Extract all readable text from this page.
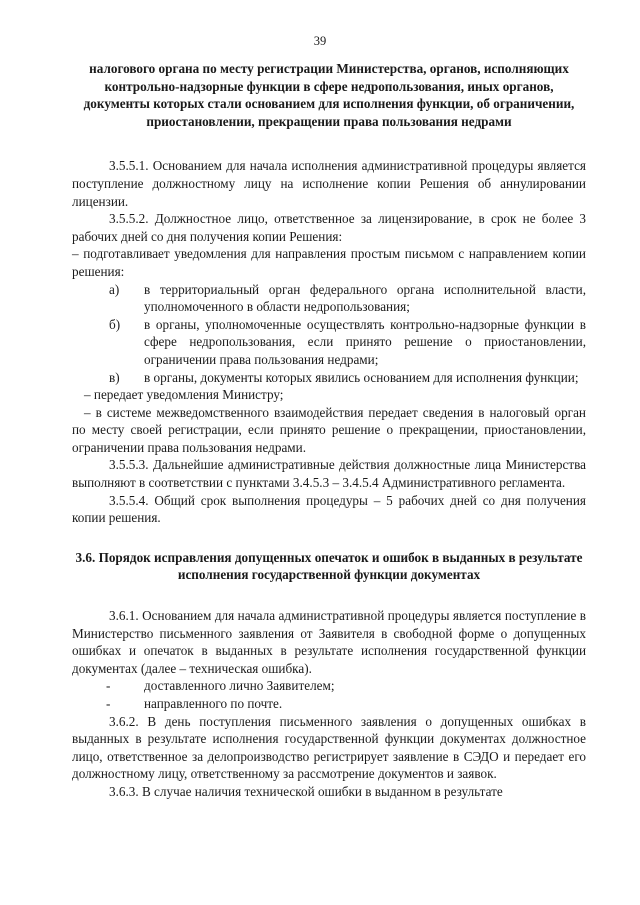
39

налогового органа по месту регистрации Министерства, органов, исполняющих контрольно-надзорные функции в сфере недропользования, иных органов, документы которых стали основанием для исполнения функции, об ограничении, приостановлении, прекращении права пользования недрами

3.5.5.1. Основанием для начала исполнения административной процедуры является поступление должностному лицу на исполнение копии Решения об аннулировании лицензии.

3.5.5.2. Должностное лицо, ответственное за лицензирование, в срок не более 3 рабочих дней со дня получения копии Решения:

– подготавливает уведомления для направления простым письмом с направлением копии решения:

а)	в территориальный орган федерального органа исполнительной власти, уполномоченного в области недропользования;
б)	в органы, уполномоченные осуществлять контрольно-надзорные функции в сфере недропользования, если принято решение о приостановлении, ограничении права пользования недрами;
в)	в органы, документы которых явились основанием для исполнения функции;

– передает уведомления Министру;

– в системе межведомственного взаимодействия передает сведения в налоговый орган по месту своей регистрации, если принято решение о прекращении, приостановлении, ограничении права пользования недрами.

3.5.5.3. Дальнейшие административные действия должностные лица Министерства выполняют в соответствии с пунктами 3.4.5.3 – 3.4.5.4 Административного регламента.

3.5.5.4. Общий срок выполнения процедуры – 5 рабочих дней со дня получения копии решения.

3.6. Порядок исправления допущенных опечаток и ошибок в выданных в результате исполнения государственной функции документах

3.6.1. Основанием для начала административной процедуры является поступление в Министерство письменного заявления от Заявителя в свободной форме о допущенных ошибках и опечаток в выданных в результате исполнения государственной функции документах (далее – техническая ошибка).

-	доставленного лично Заявителем;
-	направленного по почте.

3.6.2. В день поступления письменного заявления о допущенных ошибках в выданных в результате исполнения государственной функции документах должностное лицо, ответственное за делопроизводство регистрирует заявление в СЭДО и передает его должностному лицу, ответственному за рассмотрение документов и заявок.

3.6.3. В случае наличия технической ошибки в выданном в результате
